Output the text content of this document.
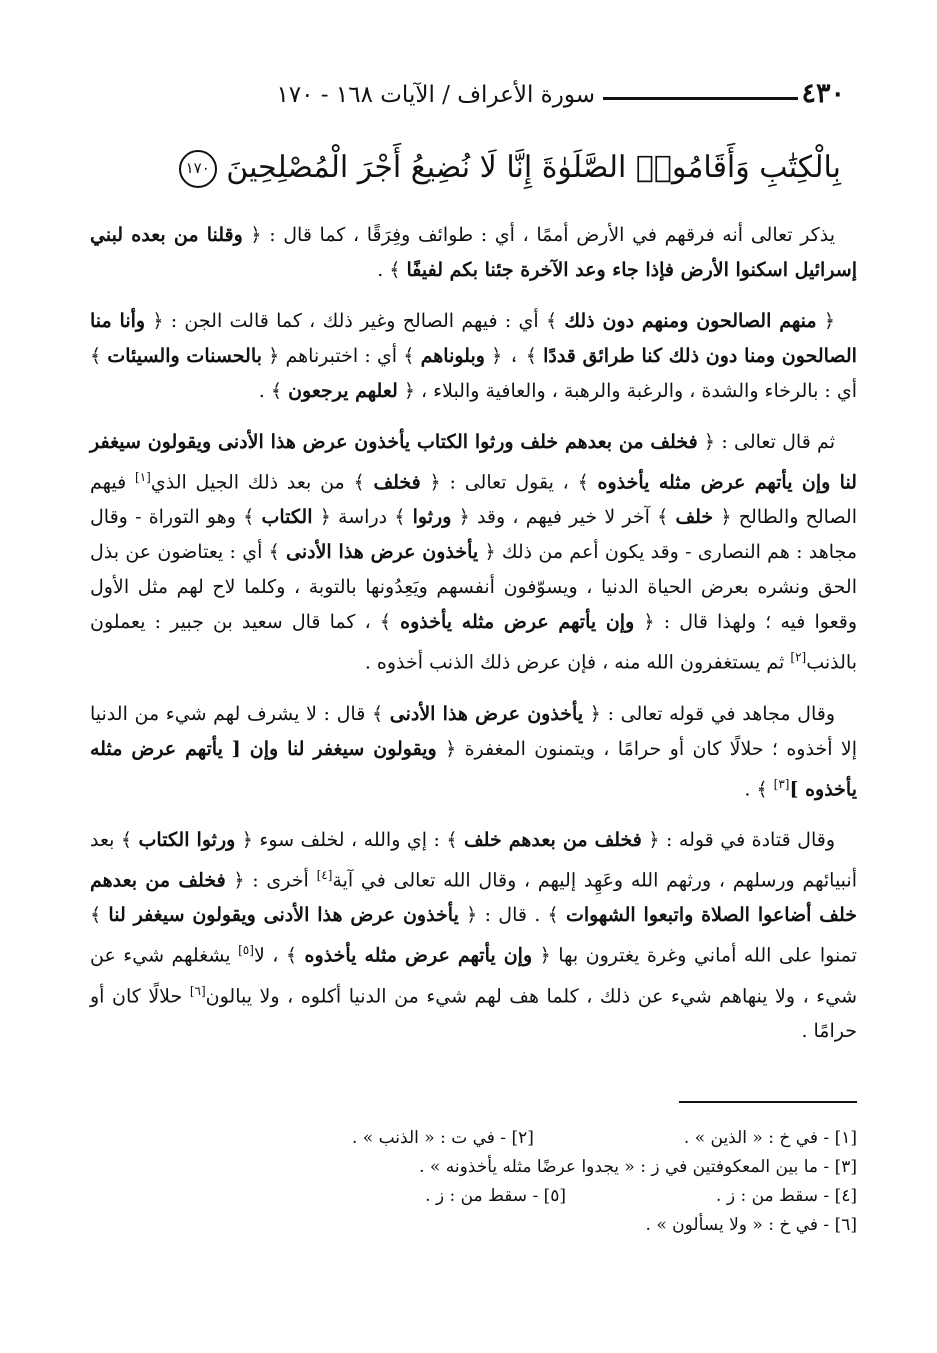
٤٣٠
سورة الأعراف / الآيات ١٦٨ - ١٧٠
بِالْكِتَٰبِ وَأَقَامُوا۟ الصَّلَوٰةَ إِنَّا لَا نُضِيعُ أَجْرَ الْمُصْلِحِينَ ١٧٠

يذكر تعالى أنه فرقهم في الأرض أممًا ، أي : طوائف وفِرَقًا ، كما قال : ﴿ وقلنا من بعده لبني إسرائيل اسكنوا الأرض فإذا جاء وعد الآخرة جئنا بكم لفيفًا ﴾ .

﴿ منهم الصالحون ومنهم دون ذلك ﴾ أي : فيهم الصالح وغير ذلك ، كما قالت الجن : ﴿ وأنا منا الصالحون ومنا دون ذلك كنا طرائق قددًا ﴾ ، ﴿ وبلوناهم ﴾ أي : اختبرناهم ﴿ بالحسنات والسيئات ﴾ أي : بالرخاء والشدة ، والرغبة والرهبة ، والعافية والبلاء ، ﴿ لعلهم يرجعون ﴾ .

ثم قال تعالى : ﴿ فخلف من بعدهم خلف ورثوا الكتاب يأخذون عرض هذا الأدنى ويقولون سيغفر لنا وإن يأتهم عرض مثله يأخذوه ﴾ ، يقول تعالى : ﴿ فخلف ﴾ من بعد ذلك الجيل الذي[١] فيهم الصالح والطالح ﴿ خلف ﴾ آخر لا خير فيهم ، وقد ﴿ ورثوا ﴾ دراسة ﴿ الكتاب ﴾ وهو التوراة - وقال مجاهد : هم النصارى - وقد يكون أعم من ذلك ﴿ يأخذون عرض هذا الأدنى ﴾ أي : يعتاضون عن بذل الحق ونشره بعرض الحياة الدنيا ، ويسوّفون أنفسهم ويَعِدُونها بالتوبة ، وكلما لاح لهم مثل الأول وقعوا فيه ؛ ولهذا قال : ﴿ وإن يأتهم عرض مثله يأخذوه ﴾ ، كما قال سعيد بن جبير : يعملون بالذنب[٢] ثم يستغفرون الله منه ، فإن عرض ذلك الذنب أخذوه .

وقال مجاهد في قوله تعالى : ﴿ يأخذون عرض هذا الأدنى ﴾ قال : لا يشرف لهم شيء من الدنيا إلا أخذوه ؛ حلالًا كان أو حرامًا ، ويتمنون المغفرة ﴿ ويقولون سيغفر لنا وإن [ يأتهم عرض مثله يأخذوه ][٣] ﴾ .

وقال قتادة في قوله : ﴿ فخلف من بعدهم خلف ﴾ : إي والله ، لخلف سوء ﴿ ورثوا الكتاب ﴾ بعد أنبيائهم ورسلهم ، ورثهم الله وعَهِد إليهم ، وقال الله تعالى في آية[٤] أخرى : ﴿ فخلف من بعدهم خلف أضاعوا الصلاة واتبعوا الشهوات ﴾ . قال : ﴿ يأخذون عرض هذا الأدنى ويقولون سيغفر لنا ﴾ تمنوا على الله أماني وغرة يغترون بها ﴿ وإن يأتهم عرض مثله يأخذوه ﴾ ، لا[٥] يشغلهم شيء عن شيء ، ولا ينهاهم شيء عن ذلك ، كلما هف لهم شيء من الدنيا أكلوه ، ولا يبالون[٦] حلالًا كان أو حرامًا .

[١] - في خ : « الذين » .[٢] - في ت : « الذنب » .
[٣] - ما بين المعكوفتين في ز : « يجدوا عرضًا مثله يأخذونه » .
[٤] - سقط من : ز .[٥] - سقط من : ز .
[٦] - في خ : « ولا يسألون » .
